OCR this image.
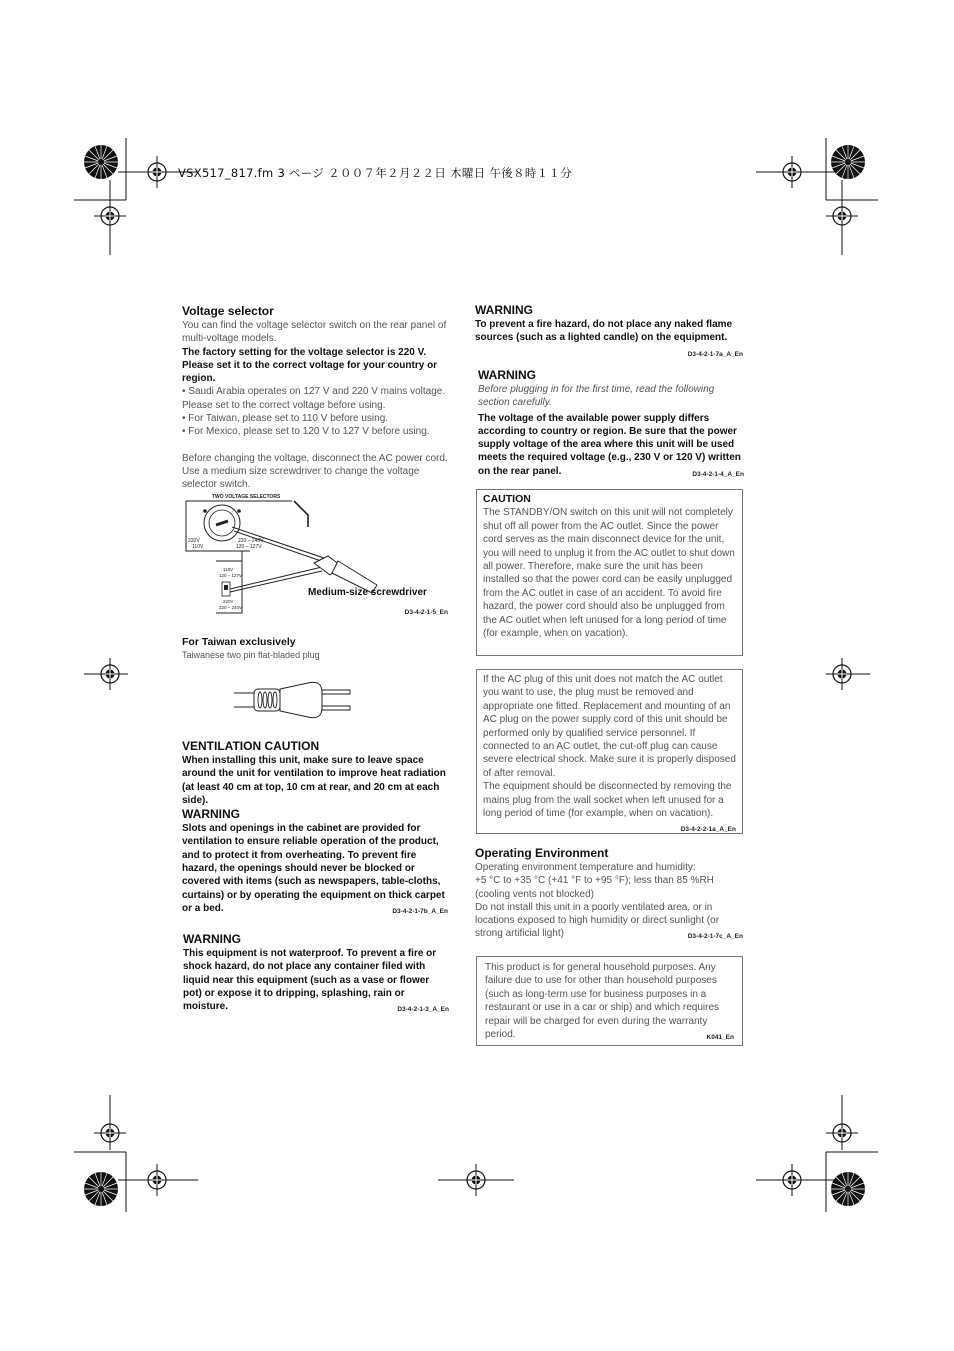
VSX517_817.fm 3 ページ ２００７年２月２２日 木曜日 午後８時１１分

Voltage selector

You can find the voltage selector switch on the rear panel of multi-voltage models.

The factory setting for the voltage selector is 220 V. Please set it to the correct voltage for your country or region.

• Saudi Arabia operates on 127 V and 220 V mains voltage. Please set to the correct voltage before using.

• For Taiwan, please set to 110 V before using.

• For Mexico, please set to 120 V to 127 V before using.

Before changing the voltage, disconnect the AC power cord. Use a medium size screwdriver to change the voltage selector switch.

TWO VOLTAGE SELECTORS
220V
110V
220 – 240V
120 – 127V
110V
120 – 127V
220V
220 – 240V
Medium-size screwdriver
D3-4-2-1-5_En

For Taiwan exclusively

Taiwanese two pin flat-bladed plug

VENTILATION CAUTION

When installing this unit, make sure to leave space around the unit for ventilation to improve heat radiation (at least 40 cm at top, 10 cm at rear, and 20 cm at each side).

WARNING

Slots and openings in the cabinet are provided for ventilation to ensure reliable operation of the product, and to protect it from overheating. To prevent fire hazard, the openings should never be blocked or covered with items (such as newspapers, table-cloths, curtains) or by operating the equipment on thick carpet or a bed.	D3-4-2-1-7b_A_En

WARNING

This equipment is not waterproof. To prevent a fire or shock hazard, do not place any container filed with liquid near this equipment (such as a vase or flower pot) or expose it to dripping, splashing, rain or moisture.	D3-4-2-1-3_A_En

WARNING

To prevent a fire hazard, do not place any naked flame sources (such as a lighted candle) on the equipment.
D3-4-2-1-7a_A_En

WARNING

Before plugging in for the first time, read the following section carefully.

The voltage of the available power supply differs according to country or region. Be sure that the power supply voltage of the area where this unit will be used meets the required voltage (e.g., 230 V or 120 V) written on the rear panel.	D3-4-2-1-4_A_En

CAUTION

The STANDBY/ON switch on this unit will not completely shut off all power from the AC outlet. Since the power cord serves as the main disconnect device for the unit, you will need to unplug it from the AC outlet to shut down all power. Therefore, make sure the unit has been installed so that the power cord can be easily unplugged from the AC outlet in case of an accident. To avoid fire hazard, the power cord should also be unplugged from the AC outlet when left unused for a long period of time (for example, when on vacation).

If the AC plug of this unit does not match the AC outlet you want to use, the plug must be removed and appropriate one fitted. Replacement and mounting of an AC plug on the power supply cord of this unit should be performed only by qualified service personnel. If connected to an AC outlet, the cut-off plug can cause severe electrical shock. Make sure it is properly disposed of after removal.

The equipment should be disconnected by removing the mains plug from the wall socket when left unused for a long period of time (for example, when on vacation).
D3-4-2-2-1a_A_En

Operating Environment

Operating environment temperature and humidity:

+5 °C to +35 °C (+41 °F to +95 °F); less than 85 %RH (cooling vents not blocked)

Do not install this unit in a poorly ventilated area, or in locations exposed to high humidity or direct sunlight (or strong artificial light)	D3-4-2-1-7c_A_En

This product is for general household purposes. Any failure due to use for other than household purposes (such as long-term use for business purposes in a restaurant or use in a car or ship) and which requires repair will be charged for even during the warranty period.	K041_En
